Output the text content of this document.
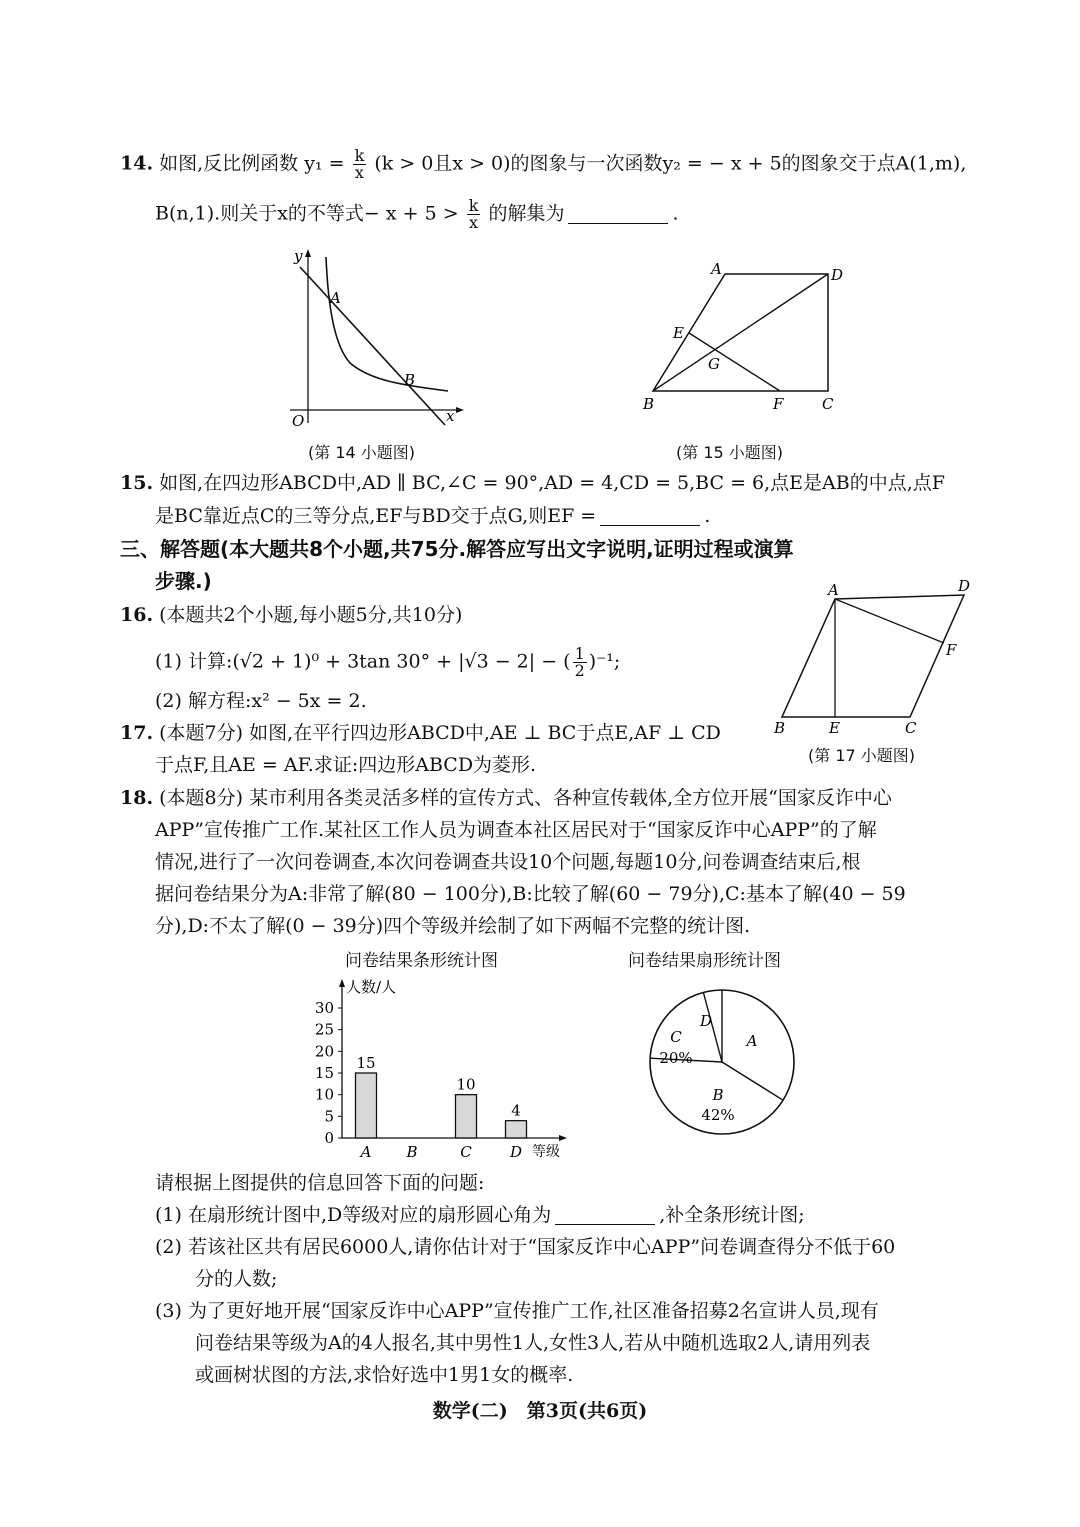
14. 如图,反比例函数 $y_1 = \frac{k}{x} (k > 0$且x > 0)的图象与一次函数y₂ = − x + 5的图象交于点A(1,m),
B(n,1).则关于x的不等式− $x + 5 > \frac{k}{x}$ 的解集为	.
y
A
B
O	x
(第 14 小题图)
A	D
E
G
B	F	C
(第 15 小题图)
15. 如图,在四边形ABCD中,AD ∥ BC,∠C = 90°,AD = 4,CD = 5,BC = 6,点E是AB的中点,点F
是BC靠近点C的三等分点,EF与BD交于点G,则EF =	.
三、解答题(本大题共8个小题,共75分.解答应写出文字说明,证明过程或演算
步骤.)
16. (本题共2个小题,每小题5分,共10分)
(1) 计算:(√2 + 1)⁰ + 3tan 30° + |√3 − 2| − ( $\frac{1}{2} )^{-1}$;
(2) 解方程:x² − 5x = 2.
A	D
F
B	E	C
(第 17 小题图)
17. (本题7分) 如图,在平行四边形ABCD中,AE ⊥ BC于点E,AF ⊥ CD
于点F,且AE = AF.求证:四边形ABCD为菱形.
18. (本题8分) 某市利用各类灵活多样的宣传方式、各种宣传载体,全方位开展“国家反诈中心
APP”宣传推广工作.某社区工作人员为调查本社区居民对于“国家反诈中心APP”的了解
情况,进行了一次问卷调查,本次问卷调查共设10个问题,每题10分,问卷调查结束后,根
据问卷结果分为A:非常了解(80 − 100分),B:比较了解(60 − 79分),C:基本了解(40 − 59
分),D:不太了解(0 − 39分)四个等级并绘制了如下两幅不完整的统计图.
问卷结果条形统计图
人数/人
等级
0
5
10
15
20
25
30
A
15
B	C
10
D
4
问卷结果扇形统计图
A
B
42%
C
20%
D
请根据上图提供的信息回答下面的问题:
(1) 在扇形统计图中,D等级对应的扇形圆心角为	,补全条形统计图;
(2) 若该社区共有居民6000人,请你估计对于“国家反诈中心APP”问卷调查得分不低于60
分的人数;
(3) 为了更好地开展“国家反诈中心APP”宣传推广工作,社区准备招募2名宣讲人员,现有
问卷结果等级为A的4人报名,其中男性1人,女性3人,若从中随机选取2人,请用列表
或画树状图的方法,求恰好选中1男1女的概率.
数学(二)　第3页(共6页)
